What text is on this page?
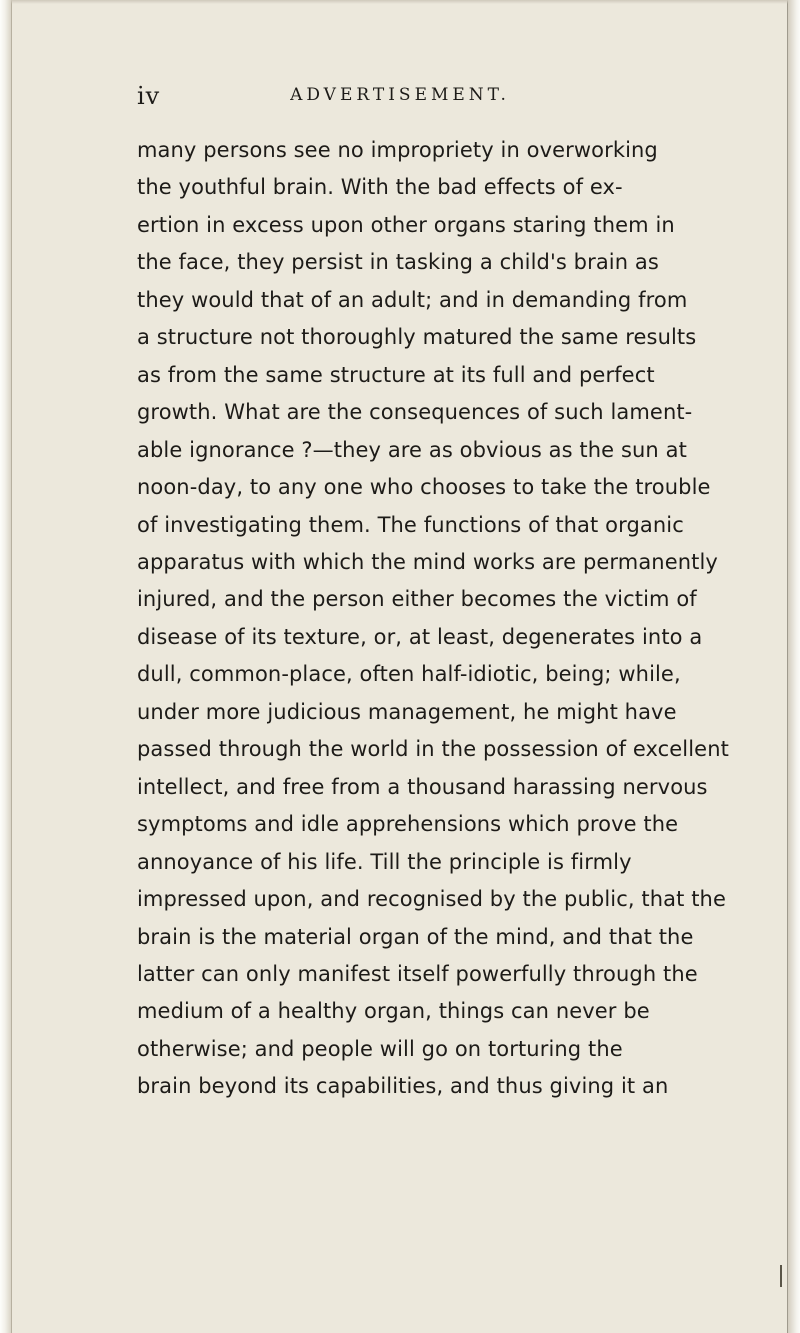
iv	ADVERTISEMENT.
many persons see no impropriety in overworking
the youthful brain. With the bad effects of ex-
ertion in excess upon other organs staring them in
the face, they persist in tasking a child's brain as
they would that of an adult; and in demanding from
a structure not thoroughly matured the same results
as from the same structure at its full and perfect
growth. What are the consequences of such lament-
able ignorance ?—they are as obvious as the sun at
noon-day, to any one who chooses to take the trouble
of investigating them. The functions of that organic
apparatus with which the mind works are permanently
injured, and the person either becomes the victim of
disease of its texture, or, at least, degenerates into a
dull, common-place, often half-idiotic, being; while,
under more judicious management, he might have
passed through the world in the possession of excellent
intellect, and free from a thousand harassing nervous
symptoms and idle apprehensions which prove the
annoyance of his life. Till the principle is firmly
impressed upon, and recognised by the public, that the
brain is the material organ of the mind, and that the
latter can only manifest itself powerfully through the
medium of a healthy organ, things can never be
otherwise; and people will go on torturing the
brain beyond its capabilities, and thus giving it an
